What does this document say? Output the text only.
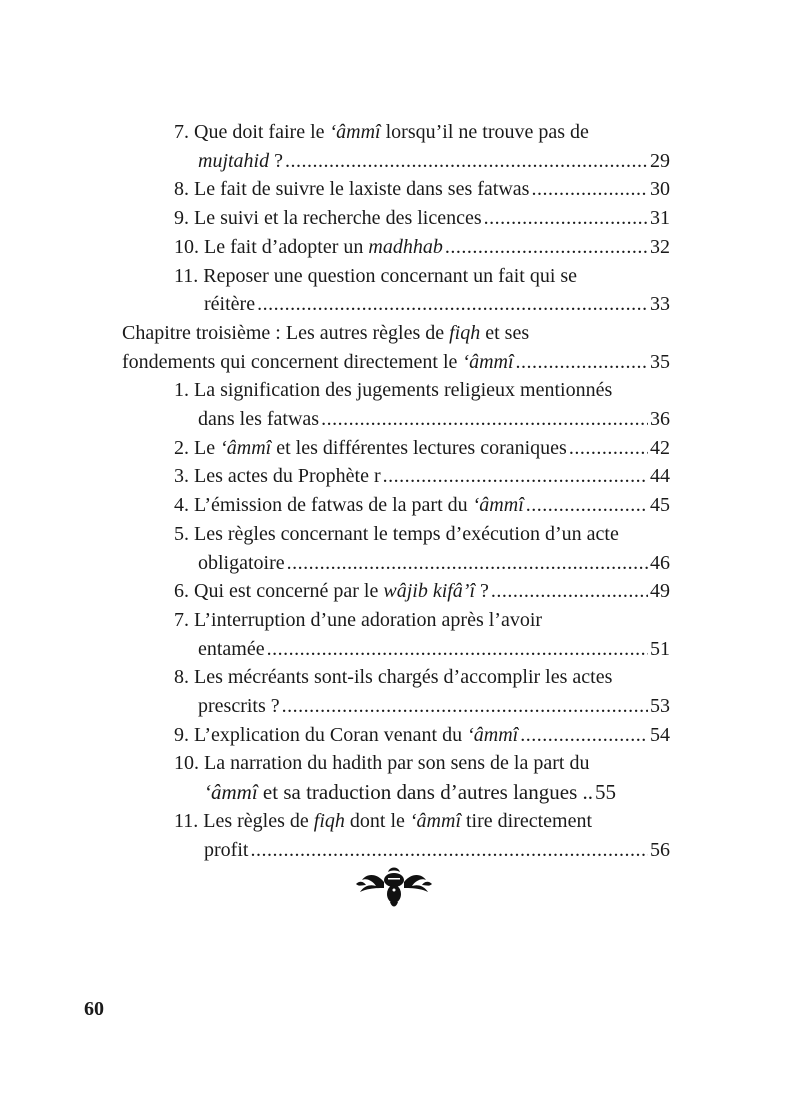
7. Que doit faire le ‘âmmî lorsqu’il ne trouve pas de
mujtahid ? .....	29
8. Le fait de suivre le laxiste dans ses fatwas .....	30
9. Le suivi et la recherche des licences .....	31
10. Le fait d’adopter un madhhab .....	32
11. Reposer une question concernant un fait qui se
réitère .....	33
Chapitre troisième : Les autres règles de fiqh et ses
fondements qui concernent directement le ‘âmmî .....	35
1. La signification des jugements religieux mentionnés
dans les fatwas .....	36
2. Le ‘âmmî et les différentes lectures coraniques .....	42
3. Les actes du Prophète r .....	44
4. L’émission de fatwas de la part du ‘âmmî .....	45
5. Les règles concernant le temps d’exécution d’un acte
obligatoire .....	46
6. Qui est concerné par le wâjib kifâ’î ? .....	49
7. L’interruption d’une adoration après l’avoir
entamée .....	51
8. Les mécréants sont-ils chargés d’accomplir les actes
prescrits ? .....	53
9. L’explication du Coran venant du ‘âmmî .....	54
10. La narration du hadith par son sens de la part du
‘âmmî et sa traduction dans d’autres langues .. 55
11. Les règles de fiqh dont le ‘âmmî tire directement
profit .....	56
60
